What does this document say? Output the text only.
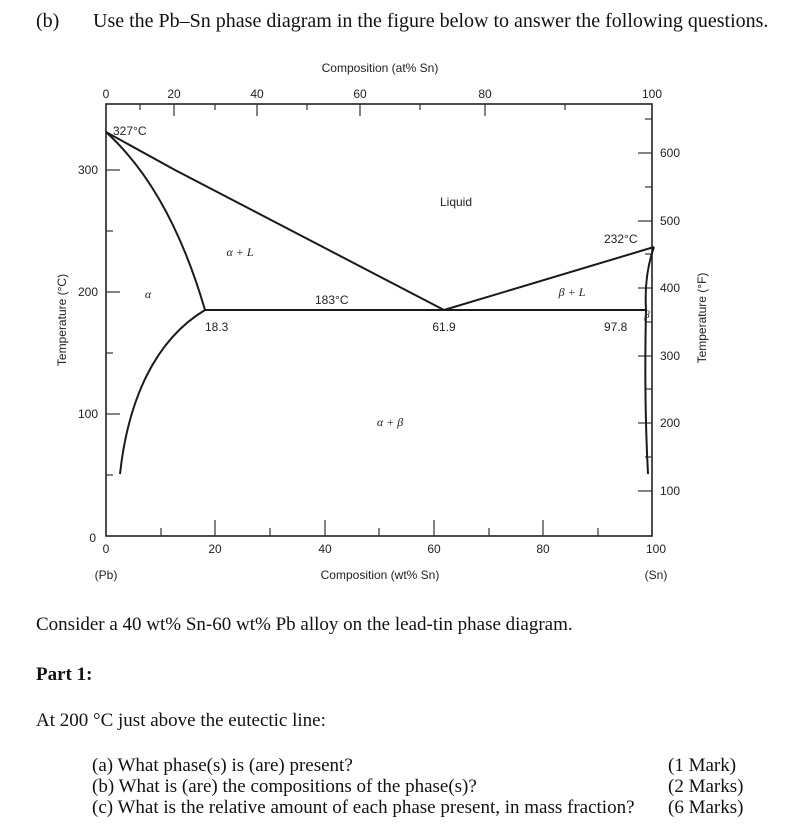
(b) Use the Pb–Sn phase diagram in the figure below to answer the following questions.
Composition (at% Sn)
0	20	40	60	80	100
0	20	40	60	80	100
(Pb)	Composition (wt% Sn)	(Sn)
300
200
100
0
Temperature (°C)
100
200
300
400
500
600
Temperature (°F)
327°C
232°C
183°C
18.3	61.9	97.8
Liquid
α + L
β + L
α
β
α + β
Consider a 40 wt% Sn-60 wt% Pb alloy on the lead-tin phase diagram.
Part 1:
At 200 °C just above the eutectic line:
(a) What phase(s) is (are) present?	(1 Mark)
(b) What is (are) the compositions of the phase(s)?	(2 Marks)
(c) What is the relative amount of each phase present, in mass fraction? (6 Marks)
